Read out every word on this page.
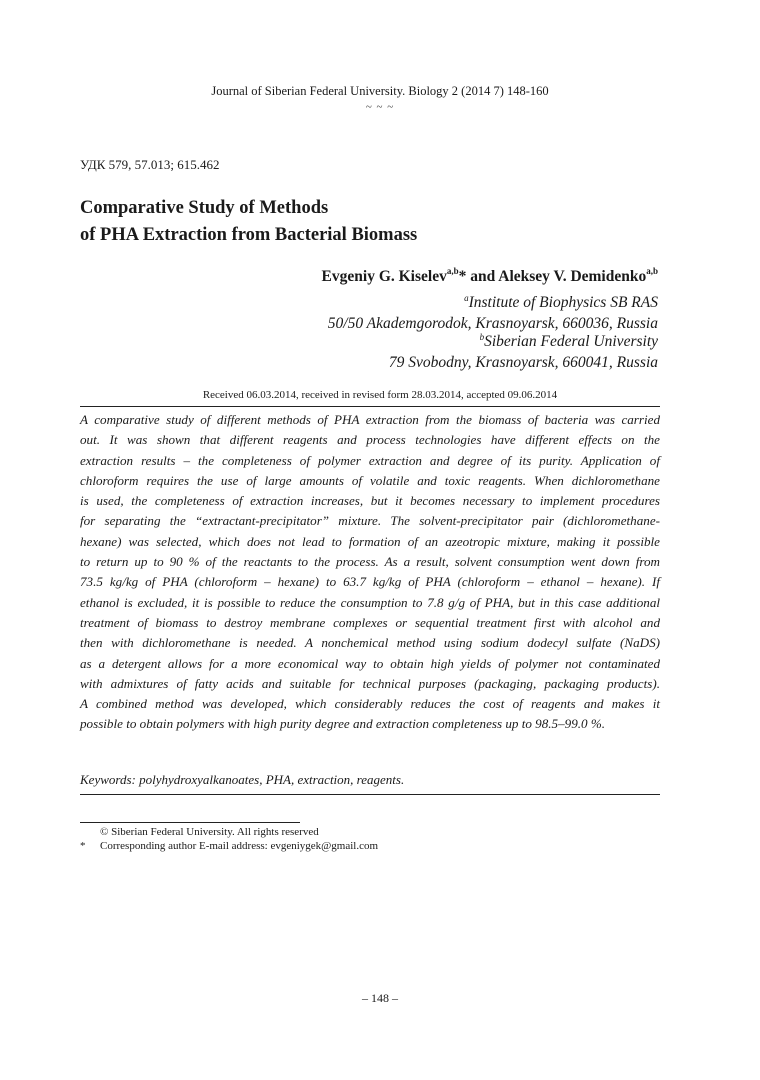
Journal of Siberian Federal University. Biology 2 (2014 7) 148-160
~ ~ ~
УДК 579, 57.013; 615.462
Comparative Study of Methods
of PHA Extraction from Bacterial Biomass
Evgeniy G. Kiselev$^{a,b}$* and Aleksey V. Demidenko$^{a,b}$
$^a$Institute of Biophysics SB RAS
50/50 Akademgorodok, Krasnoyarsk, 660036, Russia
$^b$Siberian Federal University
79 Svobodny, Krasnoyarsk, 660041, Russia
Received 06.03.2014, received in revised form 28.03.2014, accepted 09.06.2014
A comparative study of different methods of PHA extraction from the biomass of bacteria was carried
out. It was shown that different reagents and process technologies have different effects on the
extraction results – the completeness of polymer extraction and degree of its purity. Application of
chloroform requires the use of large amounts of volatile and toxic reagents. When dichloromethane
is used, the completeness of extraction increases, but it becomes necessary to implement procedures
for separating the “extractant-precipitator” mixture. The solvent-precipitator pair (dichloromethane-
hexane) was selected, which does not lead to formation of an azeotropic mixture, making it possible
to return up to 90 % of the reactants to the process. As a result, solvent consumption went down from
73.5 kg/kg of PHA (chloroform – hexane) to 63.7 kg/kg of PHA (chloroform – ethanol – hexane). If
ethanol is excluded, it is possible to reduce the consumption to 7.8 g/g of PHA, but in this case additional
treatment of biomass to destroy membrane complexes or sequential treatment first with alcohol and
then with dichloromethane is needed. A nonchemical method using sodium dodecyl sulfate (NaDS)
as a detergent allows for a more economical way to obtain high yields of polymer not contaminated
with admixtures of fatty acids and suitable for technical purposes (packaging, packaging products).
A combined method was developed, which considerably reduces the cost of reagents and makes it
possible to obtain polymers with high purity degree and extraction completeness up to 98.5–99.0 %.
Keywords: polyhydroxyalkanoates, PHA, extraction, reagents.
© Siberian Federal University. All rights reserved
* Corresponding author E-mail address: evgeniygek@gmail.com
– 148 –
